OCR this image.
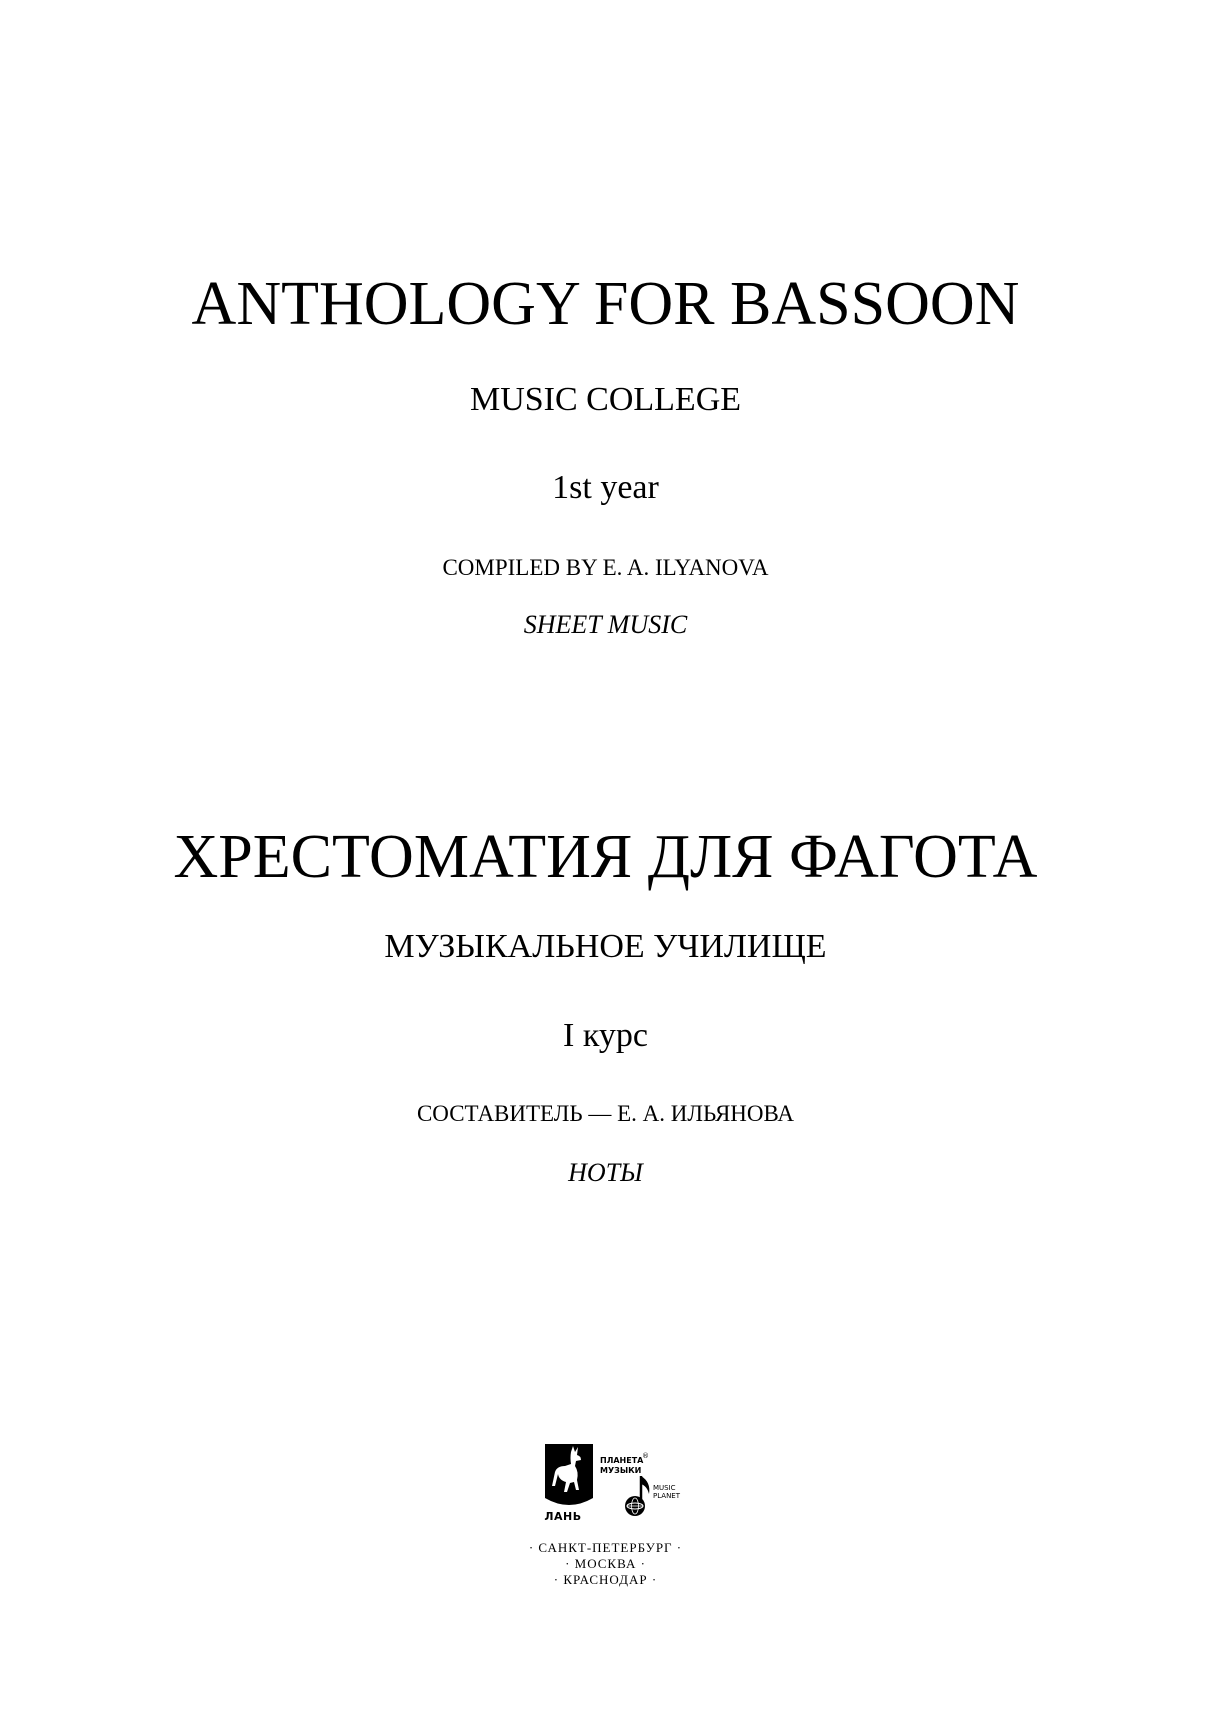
ANTHOLOGY FOR BASSOON
MUSIC COLLEGE
1st year
COMPILED BY E. A. ILYANOVA
SHEET MUSIC
ХРЕСТОМАТИЯ ДЛЯ ФАГОТА
МУЗЫКАЛЬНОЕ УЧИЛИЩЕ
I курс
СОСТАВИТЕЛЬ — Е. А. ИЛЬЯНОВА
НОТЫ
ЛАНЬ
ПЛАНЕТА
МУЗЫКИ
®
MUSIC
PLANET
· САНКТ-ПЕТЕРБУРГ ·
· МОСКВА ·
· КРАСНОДАР ·
